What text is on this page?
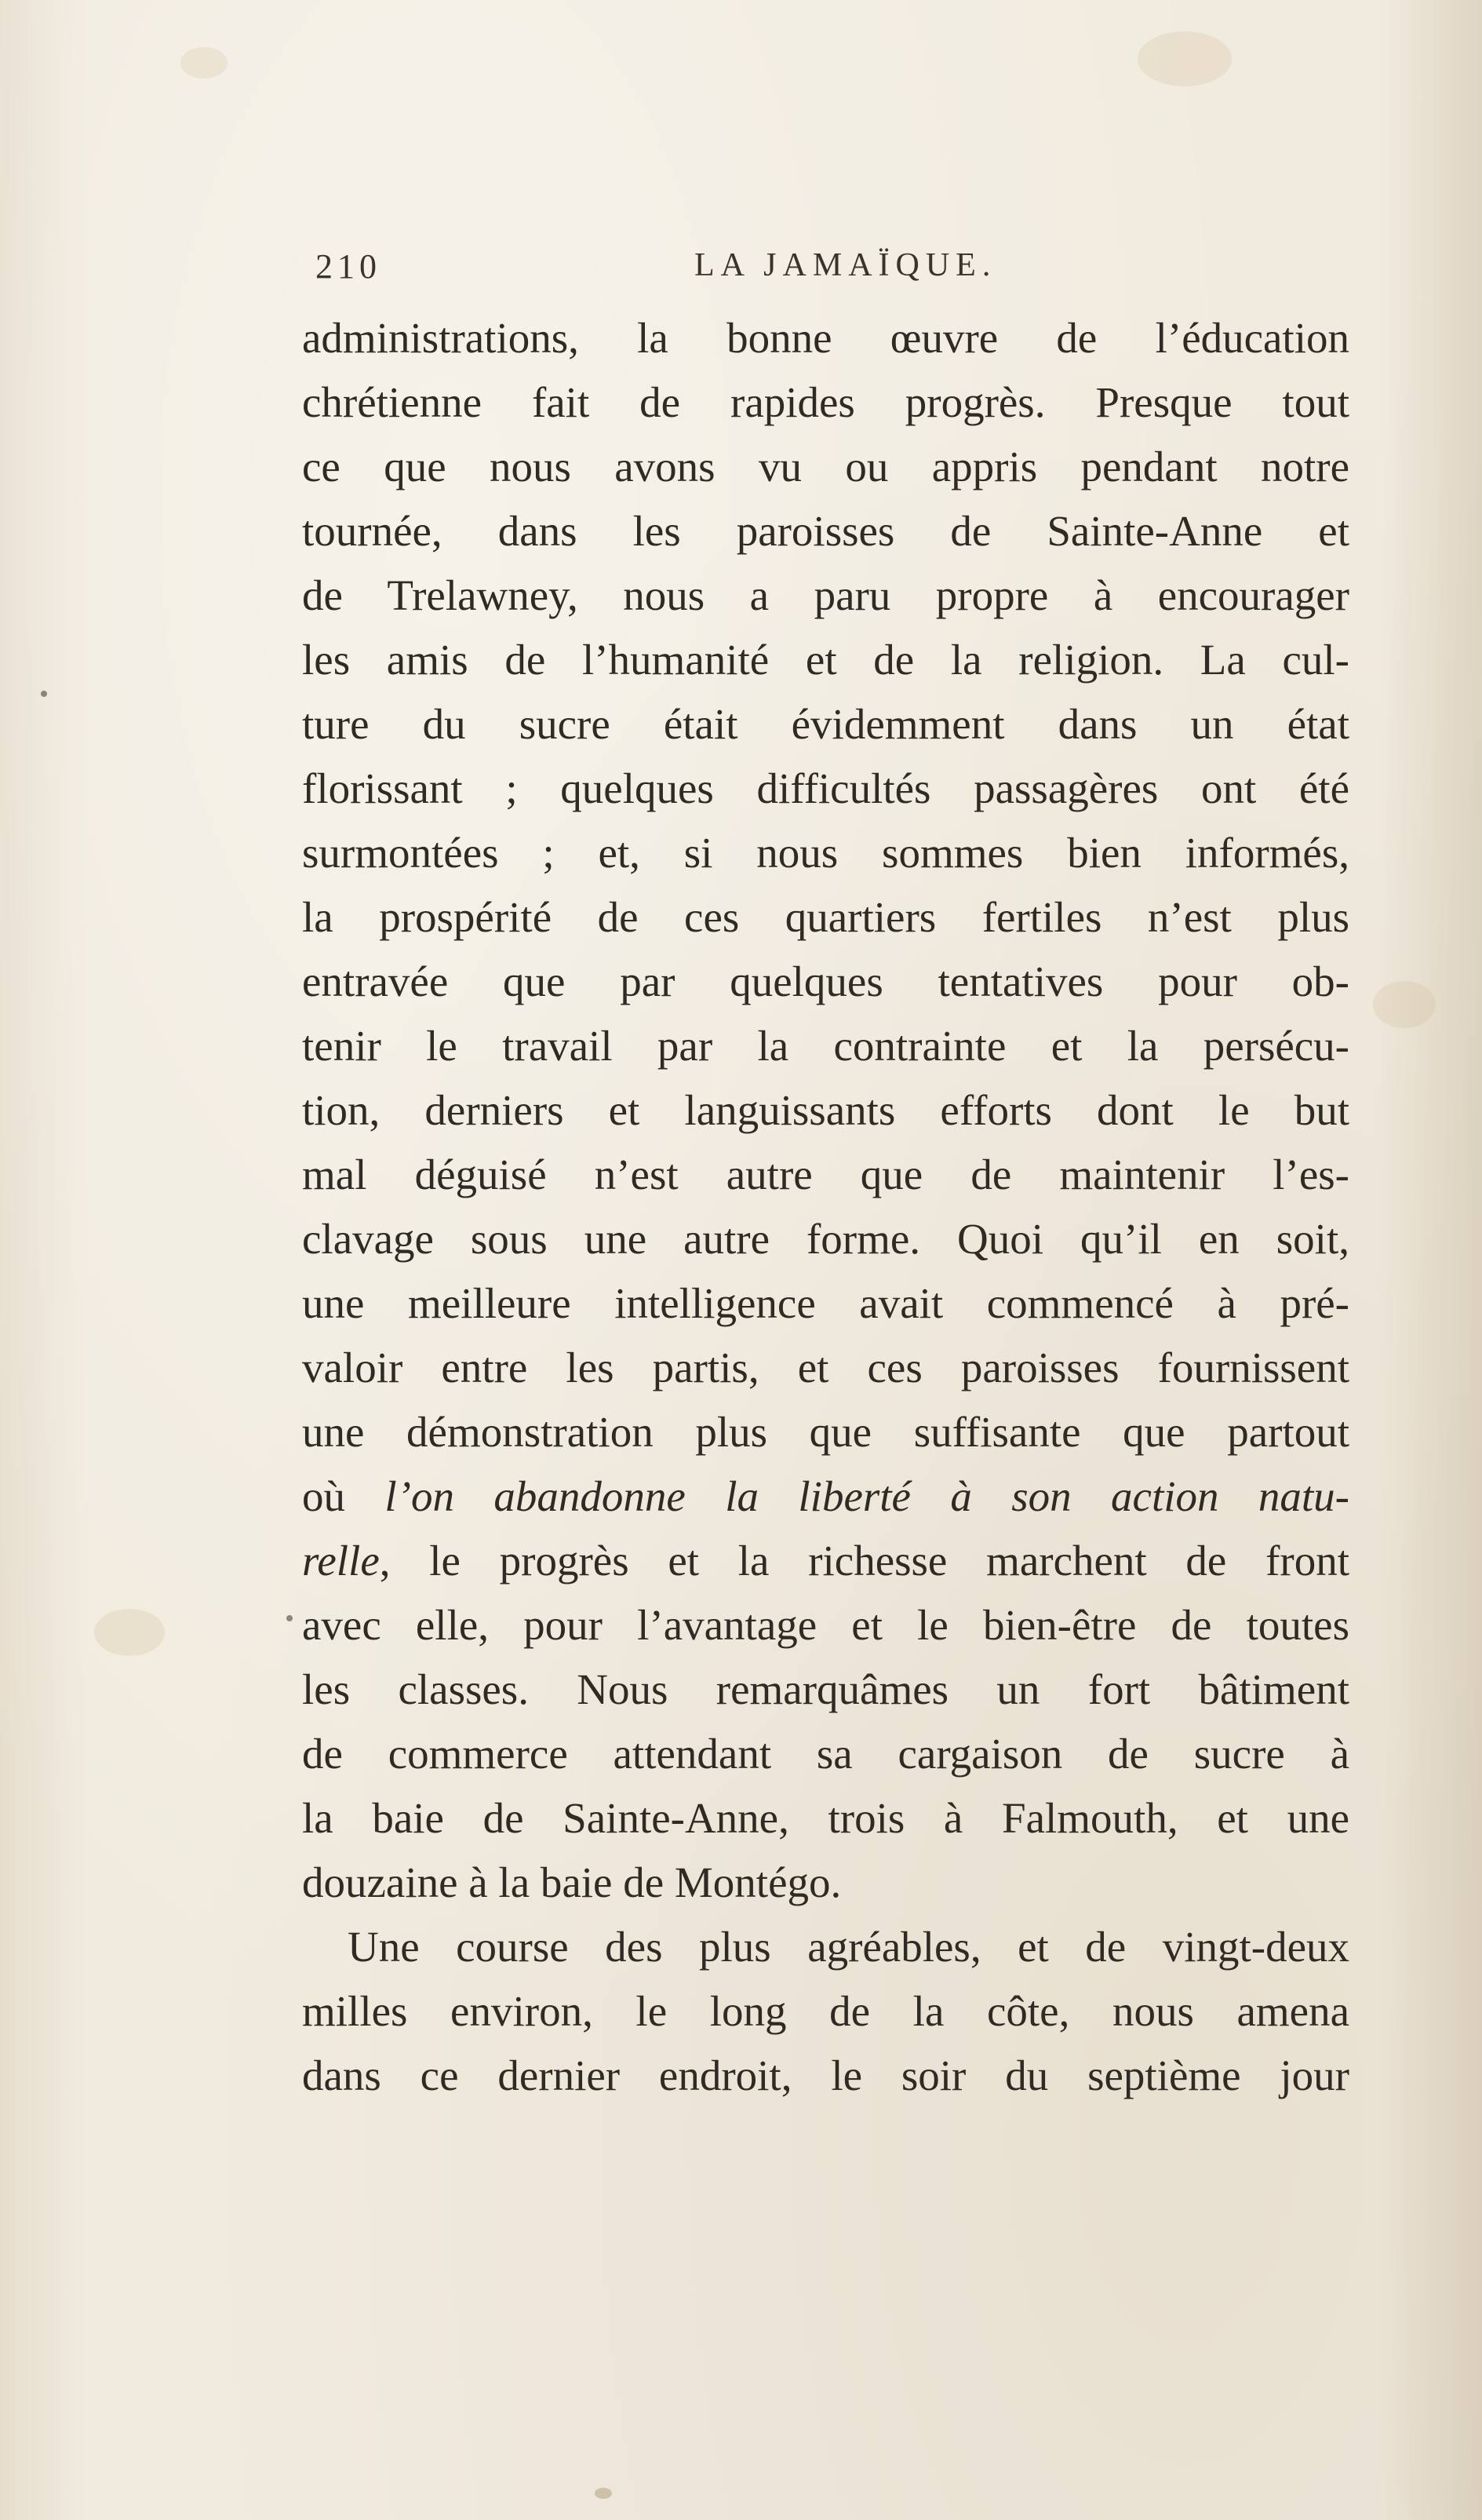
210	LA JAMAÏQUE.
administrations, la bonne œuvre de l’éducation
chrétienne fait de rapides progrès. Presque tout
ce que nous avons vu ou appris pendant notre
tournée, dans les paroisses de Sainte-Anne et
de Trelawney, nous a paru propre à encourager
les amis de l’humanité et de la religion. La cul-
ture du sucre était évidemment dans un état
florissant ; quelques difficultés passagères ont été
surmontées ; et, si nous sommes bien informés,
la prospérité de ces quartiers fertiles n’est plus
entravée que par quelques tentatives pour ob-
tenir le travail par la contrainte et la persécu-
tion, derniers et languissants efforts dont le but
mal déguisé n’est autre que de maintenir l’es-
clavage sous une autre forme. Quoi qu’il en soit,
une meilleure intelligence avait commencé à pré-
valoir entre les partis, et ces paroisses fournissent
une démonstration plus que suffisante que partout
où l’on abandonne la liberté à son action natu-
relle, le progrès et la richesse marchent de front
avec elle, pour l’avantage et le bien-être de toutes
les classes. Nous remarquâmes un fort bâtiment
de commerce attendant sa cargaison de sucre à
la baie de Sainte-Anne, trois à Falmouth, et une
douzaine à la baie de Montégo.
Une course des plus agréables, et de vingt-deux
milles environ, le long de la côte, nous amena
dans ce dernier endroit, le soir du septième jour
